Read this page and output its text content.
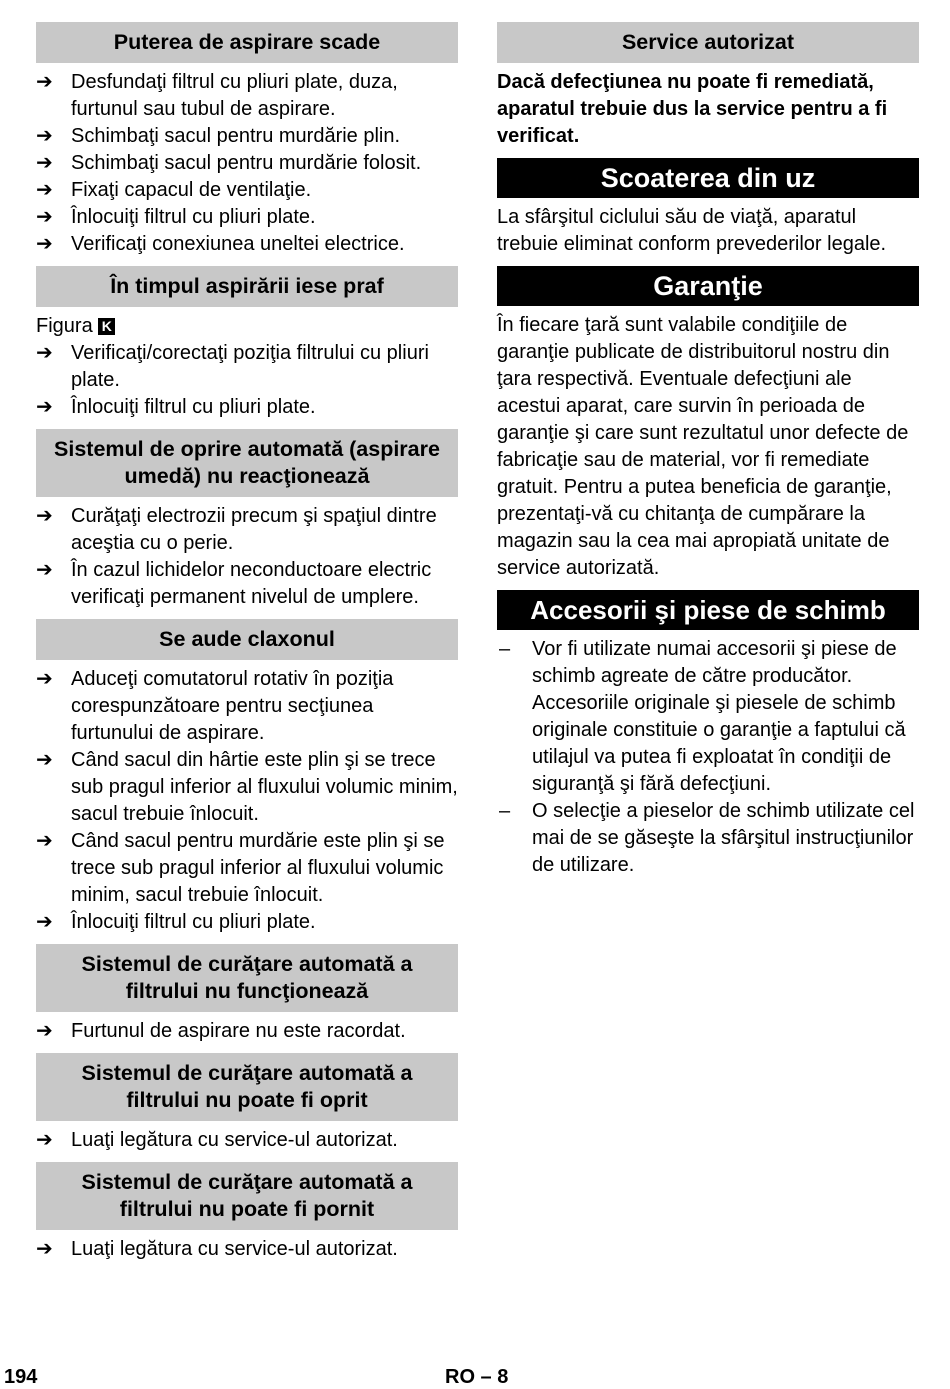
Puterea de aspirare scade
➔ Desfundaţi filtrul cu pliuri plate, duza, furtunul sau tubul de aspirare.
➔ Schimbaţi sacul pentru murdărie plin.
➔ Schimbaţi sacul pentru murdărie folosit.
➔ Fixaţi capacul de ventilaţie.
➔ Înlocuiţi filtrul cu pliuri plate.
➔ Verificaţi conexiunea uneltei electrice.
În timpul aspirării iese praf
Figura K
➔ Verificaţi/corectaţi poziţia filtrului cu pliuri plate.
➔ Înlocuiţi filtrul cu pliuri plate.
Sistemul de oprire automată (aspirare umedă) nu reacţionează
➔ Curăţaţi electrozii precum şi spaţiul dintre aceştia cu o perie.
➔ În cazul lichidelor neconductoare electric verificaţi permanent nivelul de umplere.
Se aude claxonul
➔ Aduceţi comutatorul rotativ în poziţia corespunzătoare pentru secţiunea furtunului de aspirare.
➔ Când sacul din hârtie este plin şi se trece sub pragul inferior al fluxului volumic minim, sacul trebuie înlocuit.
➔ Când sacul pentru murdărie este plin şi se trece sub pragul inferior al fluxului volumic minim, sacul trebuie înlocuit.
➔ Înlocuiţi filtrul cu pliuri plate.
Sistemul de curăţare automată a filtrului nu funcţionează
➔ Furtunul de aspirare nu este racordat.
Sistemul de curăţare automată a filtrului nu poate fi oprit
➔ Luaţi legătura cu service-ul autorizat.
Sistemul de curăţare automată a filtrului nu poate fi pornit
➔ Luaţi legătura cu service-ul autorizat.
Service autorizat

Dacă defecţiunea nu poate fi remediată, aparatul trebuie dus la service pentru a fi verificat.

Scoaterea din uz

La sfârşitul ciclului său de viaţă, aparatul trebuie eliminat conform prevederilor legale.

Garanţie

În fiecare ţară sunt valabile condiţiile de garanţie publicate de distribuitorul nostru din ţara respectivă. Eventuale defecţiuni ale acestui aparat, care survin în perioada de garanţie şi care sunt rezultatul unor defecte de fabricaţie sau de material, vor fi remediate gratuit. Pentru a putea beneficia de garanţie, prezentaţi-vă cu chitanţa de cumpărare la magazin sau la cea mai apropiată unitate de service autorizată.

Accesorii şi piese de schimb
– Vor fi utilizate numai accesorii şi piese de schimb agreate de către producător. Accesoriile originale şi piesele de schimb originale constituie o garanţie a faptului că utilajul va putea fi exploatat în condiţii de siguranţă şi fără defecţiuni.
– O selecţie a pieselor de schimb utilizate cel mai de se găseşte la sfârşitul instrucţiunilor de utilizare.
194	RO – 8
